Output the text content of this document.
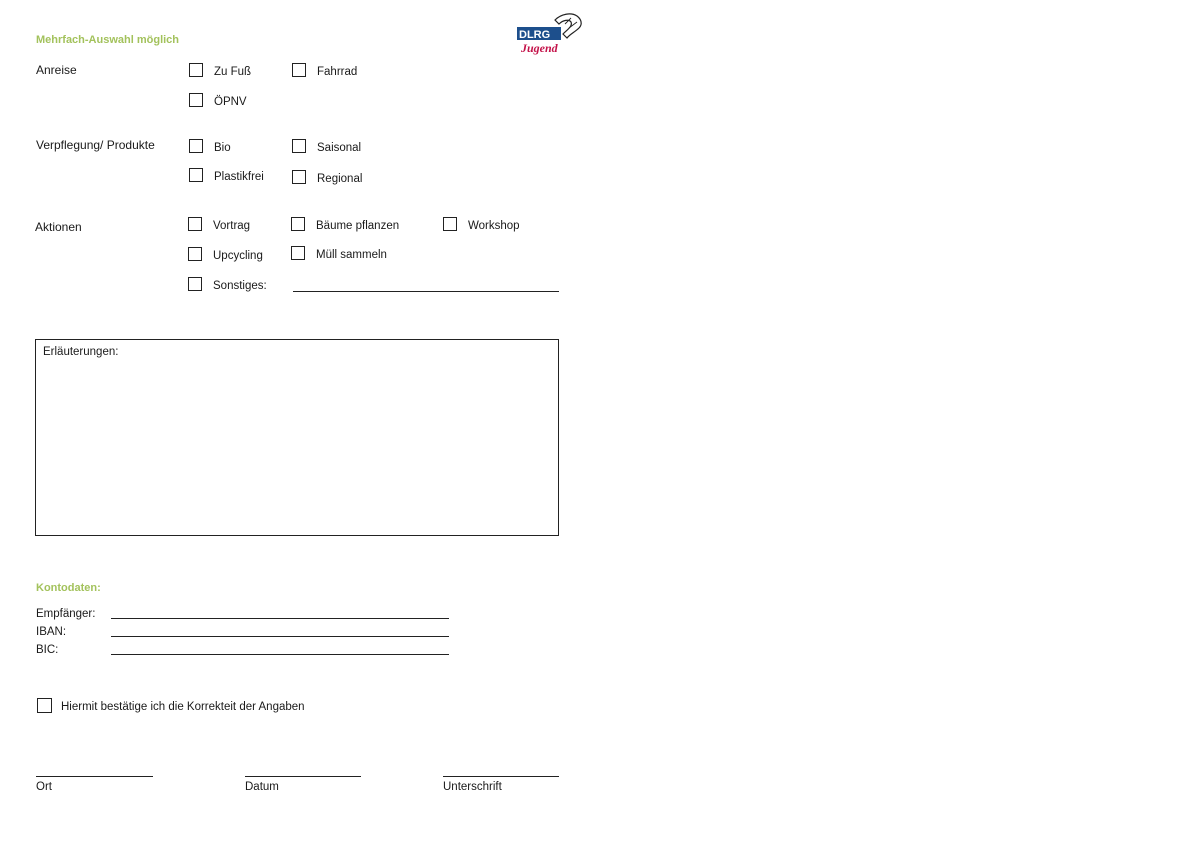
Mehrfach-Auswahl möglich	DLRG
Jugend
Anreise	Zu Fuß	Fahrrad
ÖPNV
Verpflegung/ Produkte	Bio	Saisonal
Plastikfrei	Regional
Aktionen	Vortrag	Bäume pflanzen	Workshop
Upcycling	Müll sammeln
Sonstiges:
Erläuterungen:
Kontodaten:
Empfänger:
IBAN:
BIC:
Hiermit bestätige ich die Korrekteit der Angaben
Ort	Datum	Unterschrift
